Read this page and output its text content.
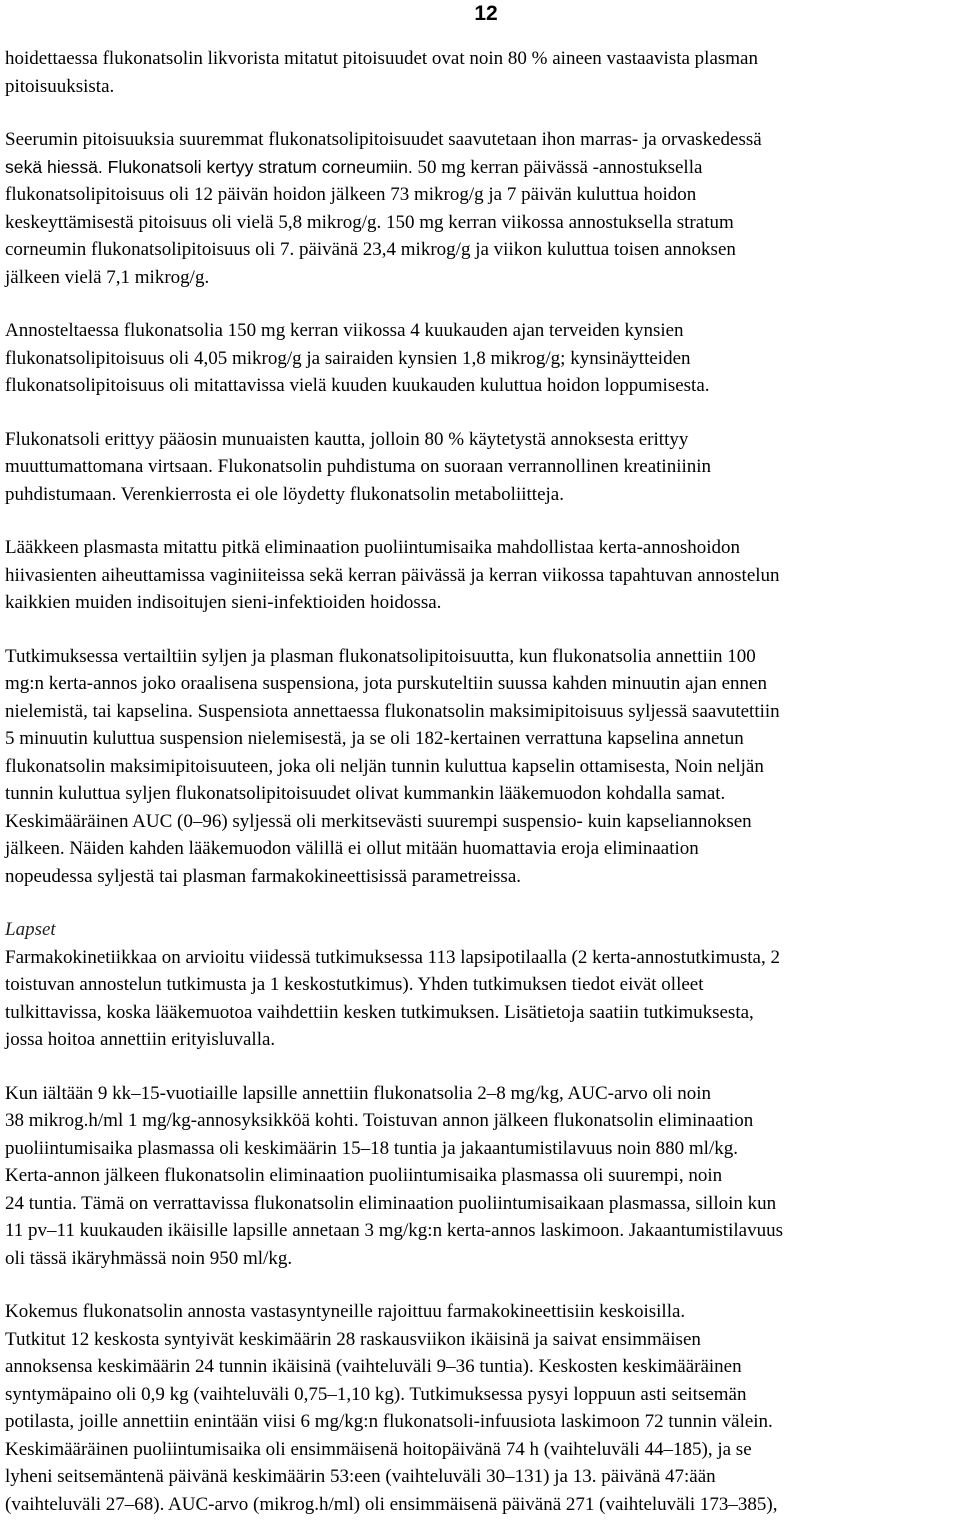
12

hoidettaessa flukonatsolin likvorista mitatut pitoisuudet ovat noin 80 % aineen vastaavista plasman
pitoisuuksista.

Seerumin pitoisuuksia suuremmat flukonatsolipitoisuudet saavutetaan ihon marras- ja orvaskedessä
sekä hiessä. Flukonatsoli kertyy stratum corneumiin. 50 mg kerran päivässä -annostuksella
flukonatsolipitoisuus oli 12 päivän hoidon jälkeen 73 mikrog/g ja 7 päivän kuluttua hoidon
keskeyttämisestä pitoisuus oli vielä 5,8 mikrog/g. 150 mg kerran viikossa annostuksella stratum
corneumin flukonatsolipitoisuus oli 7. päivänä 23,4 mikrog/g ja viikon kuluttua toisen annoksen
jälkeen vielä 7,1 mikrog/g.

Annosteltaessa flukonatsolia 150 mg kerran viikossa 4 kuukauden ajan terveiden kynsien
flukonatsolipitoisuus oli 4,05 mikrog/g ja sairaiden kynsien 1,8 mikrog/g; kynsinäytteiden
flukonatsolipitoisuus oli mitattavissa vielä kuuden kuukauden kuluttua hoidon loppumisesta.

Flukonatsoli erittyy pääosin munuaisten kautta, jolloin 80 % käytetystä annoksesta erittyy
muuttumattomana virtsaan. Flukonatsolin puhdistuma on suoraan verrannollinen kreatiniinin
puhdistumaan. Verenkierrosta ei ole löydetty flukonatsolin metaboliitteja.

Lääkkeen plasmasta mitattu pitkä eliminaation puoliintumisaika mahdollistaa kerta-annoshoidon
hiivasienten aiheuttamissa vaginiiteissa sekä kerran päivässä ja kerran viikossa tapahtuvan annostelun
kaikkien muiden indisoitujen sieni-infektioiden hoidossa.

Tutkimuksessa vertailtiin syljen ja plasman flukonatsolipitoisuutta, kun flukonatsolia annettiin 100
mg:n kerta-annos joko oraalisena suspensiona, jota purskuteltiin suussa kahden minuutin ajan ennen
nielemistä, tai kapselina. Suspensiota annettaessa flukonatsolin maksimipitoisuus syljessä saavutettiin
5 minuutin kuluttua suspension nielemisestä, ja se oli 182-kertainen verrattuna kapselina annetun
flukonatsolin maksimipitoisuuteen, joka oli neljän tunnin kuluttua kapselin ottamisesta, Noin neljän
tunnin kuluttua syljen flukonatsolipitoisuudet olivat kummankin lääkemuodon kohdalla samat.
Keskimääräinen AUC (0‒96) syljessä oli merkitsevästi suurempi suspensio- kuin kapseliannoksen
jälkeen. Näiden kahden lääkemuodon välillä ei ollut mitään huomattavia eroja eliminaation
nopeudessa syljestä tai plasman farmakokineettisissä parametreissa.

Lapset

Farmakokinetiikkaa on arvioitu viidessä tutkimuksessa 113 lapsipotilaalla (2 kerta-annostutkimusta, 2
toistuvan annostelun tutkimusta ja 1 keskostutkimus). Yhden tutkimuksen tiedot eivät olleet
tulkittavissa, koska lääkemuotoa vaihdettiin kesken tutkimuksen. Lisätietoja saatiin tutkimuksesta,
jossa hoitoa annettiin erityisluvalla.

Kun iältään 9 kk‒15-vuotiaille lapsille annettiin flukonatsolia 2‒8 mg/kg, AUC-arvo oli noin
38 mikrog.h/ml 1 mg/kg-annosyksikköä kohti. Toistuvan annon jälkeen flukonatsolin eliminaation
puoliintumisaika plasmassa oli keskimäärin 15‒18 tuntia ja jakaantumistilavuus noin 880 ml/kg.
Kerta-annon jälkeen flukonatsolin eliminaation puoliintumisaika plasmassa oli suurempi, noin
24 tuntia. Tämä on verrattavissa flukonatsolin eliminaation puoliintumisaikaan plasmassa, silloin kun
11 pv‒11 kuukauden ikäisille lapsille annetaan 3 mg/kg:n kerta-annos laskimoon. Jakaantumistilavuus
oli tässä ikäryhmässä noin 950 ml/kg.

Kokemus flukonatsolin annosta vastasyntyneille rajoittuu farmakokineettisiin keskoisilla.
Tutkitut 12 keskosta syntyivät keskimäärin 28 raskausviikon ikäisinä ja saivat ensimmäisen
annoksensa keskimäärin 24 tunnin ikäisinä (vaihteluväli 9‒36 tuntia). Keskosten keskimääräinen
syntymäpaino oli 0,9 kg (vaihteluväli 0,75‒1,10 kg). Tutkimuksessa pysyi loppuun asti seitsemän
potilasta, joille annettiin enintään viisi 6 mg/kg:n flukonatsoli-infuusiota laskimoon 72 tunnin välein.
Keskimääräinen puoliintumisaika oli ensimmäisenä hoitopäivänä 74 h (vaihteluväli 44‒185), ja se
lyheni seitsemäntenä päivänä keskimäärin 53:een (vaihteluväli 30‒131) ja 13. päivänä 47:ään
(vaihteluväli 27‒68). AUC-arvo (mikrog.h/ml) oli ensimmäisenä päivänä 271 (vaihteluväli 173‒385),
